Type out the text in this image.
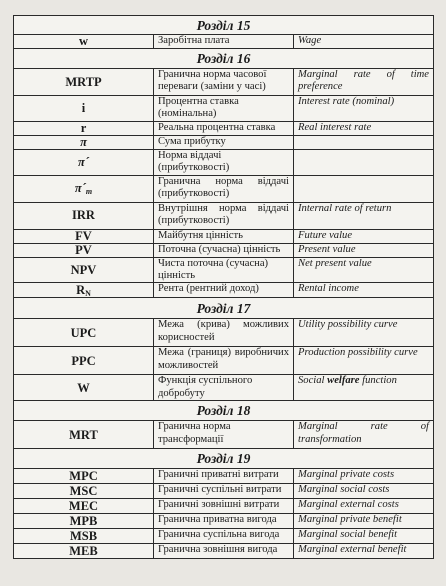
Розділ 15		
w	Заробітна плата	Wage
Розділ 16		
MRTP	Гранична норма часової переваги (заміни у часі)	Marginal rate of time preference
i	Процентна ставка (номінальна)	Interest rate (nominal)
r	Реальна процентна ставка	Real interest rate
π	Сума прибутку	
π´	Норма віддачі (прибутковості)	
$\pi´_m$	Гранична норма віддачі (прибутковості)	
IRR	Внутрішня норма віддачі (прибутковості)	Internal rate of return
FV	Майбутня цінність	Future value
PV	Поточна (сучасна) цінність	Present value
NPV	Чиста поточна (сучасна) цінність	Net present value
$R_N$	Рента (рентний доход)	Rental income
Розділ 17		
UPC	Межа (крива) можливих корисностей	Utility possibility curve
PPC	Межа (границя) виробничих можливостей	Production possibility curve
W	Функція суспільного добробуту	Social welfare function
Розділ 18		
MRT	Гранична норма трансформації	Marginal rate of transformation
Розділ 19		
MPC	Граничні приватні витрати	Marginal private costs
MSC	Граничні суспільні витрати	Marginal social costs
MEC	Граничні зовнішні витрати	Marginal external costs
MPB	Гранична приватна вигода	Marginal private benefit
MSB	Гранична суспільна вигода	Marginal social benefit
MEB	Гранична зовнішня вигода	Marginal external benefit
